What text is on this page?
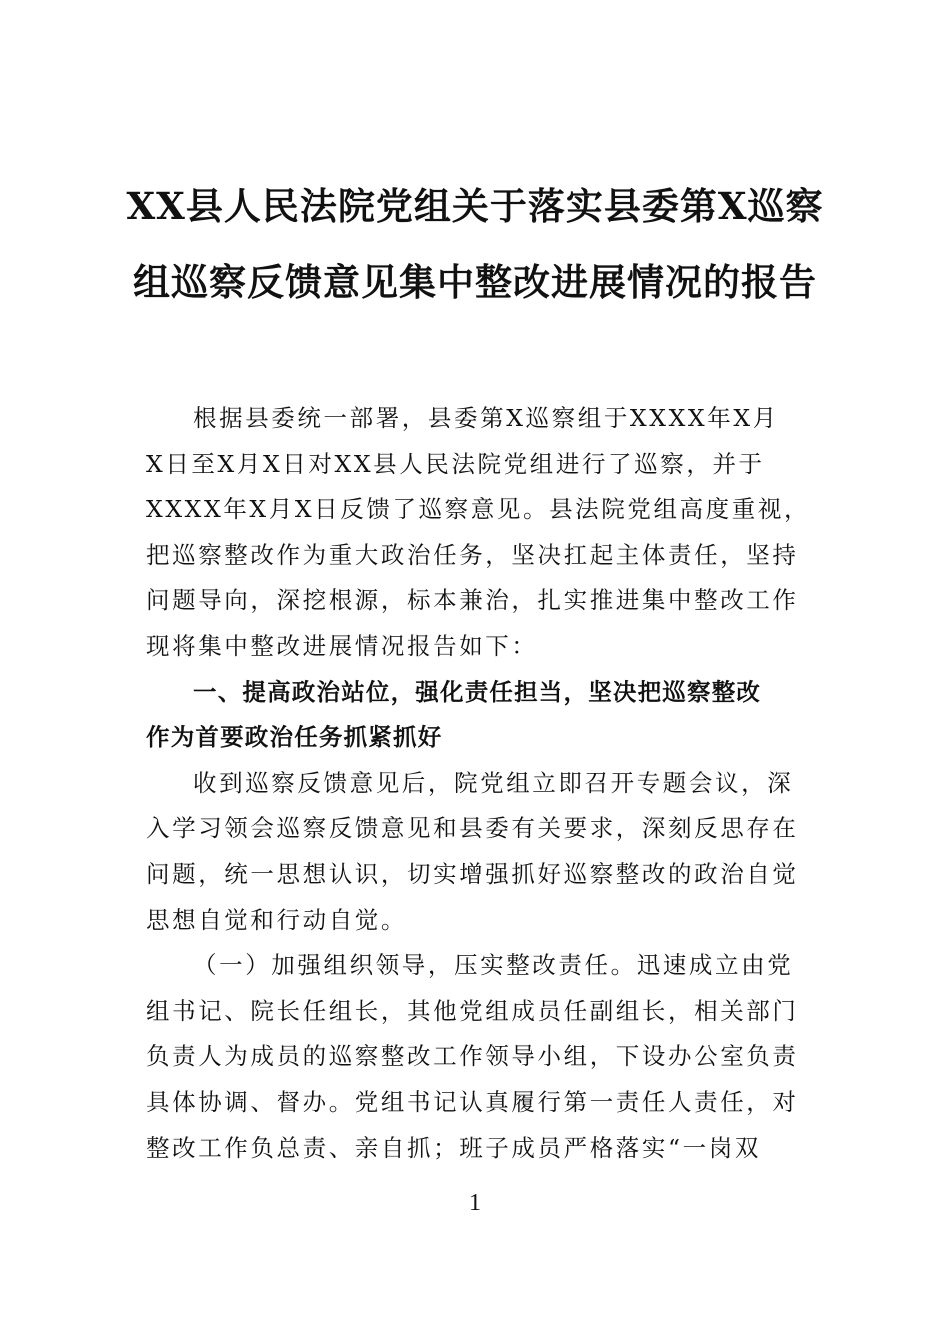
XX县人民法院党组关于落实县委第X巡察
组巡察反馈意见集中整改进展情况的报告

根据县委统一部署，县委第X巡察组于XXXX年X月
X日至X月X日对XX县人民法院党组进行了巡察，并于
XXXX年X月X日反馈了巡察意见。县法院党组高度重视，
把巡察整改作为重大政治任务，坚决扛起主体责任，坚持
问题导向，深挖根源，标本兼治，扎实推进集中整改工作
现将集中整改进展情况报告如下：

一、提高政治站位，强化责任担当，坚决把巡察整改
作为首要政治任务抓紧抓好

收到巡察反馈意见后，院党组立即召开专题会议，深
入学习领会巡察反馈意见和县委有关要求，深刻反思存在
问题，统一思想认识，切实增强抓好巡察整改的政治自觉
思想自觉和行动自觉。

（一）加强组织领导，压实整改责任。迅速成立由党
组书记、院长任组长，其他党组成员任副组长，相关部门
负责人为成员的巡察整改工作领导小组，下设办公室负责
具体协调、督办。党组书记认真履行第一责任人责任，对
整改工作负总责、亲自抓；班子成员严格落实“一岗双

1
